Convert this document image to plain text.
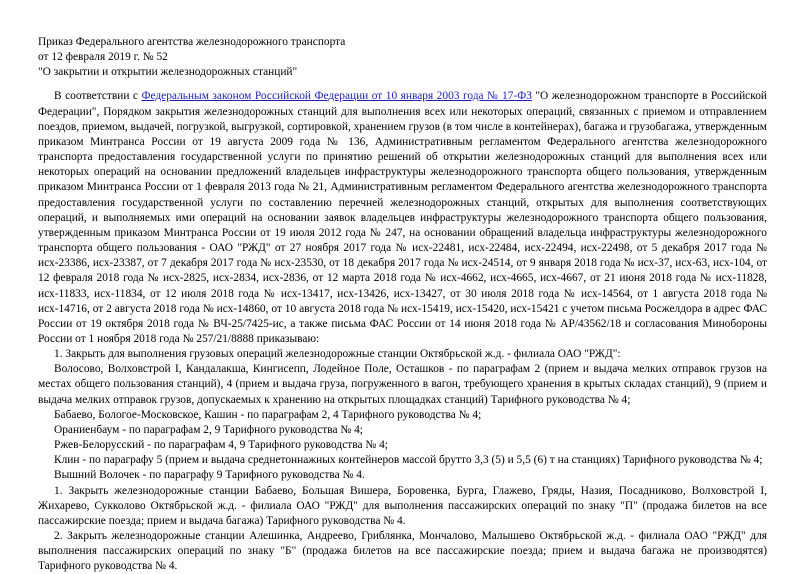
Приказ Федерального агентства железнодорожного транспорта
от 12 февраля 2019 г. № 52
"О закрытии и открытии железнодорожных станций"

В соответствии с Федеральным законом Российской Федерации от 10 января 2003 года № 17-ФЗ "О железнодорожном транспорте в Российской Федерации", Порядком закрытия железнодорожных станций для выполнения всех или некоторых операций, связанных с приемом и отправлением поездов, приемом, выдачей, погрузкой, выгрузкой, сортировкой, хранением грузов (в том числе в контейнерах), багажа и грузобагажа, утвержденным приказом Минтранса России от 19 августа 2009 года № 136, Административным регламентом Федерального агентства железнодорожного транспорта предоставления государственной услуги по принятию решений об открытии железнодорожных станций для выполнения всех или некоторых операций на основании предложений владельцев инфраструктуры железнодорожного транспорта общего пользования, утвержденным приказом Минтранса России от 1 февраля 2013 года № 21, Административным регламентом Федерального агентства железнодорожного транспорта предоставления государственной услуги по составлению перечней железнодорожных станций, открытых для выполнения соответствующих операций, и выполняемых ими операций на основании заявок владельцев инфраструктуры железнодорожного транспорта общего пользования, утвержденным приказом Минтранса России от 19 июля 2012 года № 247, на основании обращений владельца инфраструктуры железнодорожного транспорта общего пользования - ОАО "РЖД" от 27 ноября 2017 года № исх-22481, исх-22484, исх-22494, исх-22498, от 5 декабря 2017 года № исх-23386, исх-23387, от 7 декабря 2017 года № исх-23530, от 18 декабря 2017 года № исх-24514, от 9 января 2018 года № исх-37, исх-63, исх-104, от 12 февраля 2018 года № исх-2825, исх-2834, исх-2836, от 12 марта 2018 года № исх-4662, исх-4665, исх-4667, от 21 июня 2018 года № исх-11828, исх-11833, исх-11834, от 12 июля 2018 года № исх-13417, исх-13426, исх-13427, от 30 июля 2018 года № исх-14564, от 1 августа 2018 года № исх-14716, от 2 августа 2018 года № исх-14860, от 10 августа 2018 года № исх-15419, исх-15420, исх-15421 с учетом письма Росжелдора в адрес ФАС России от 19 октября 2018 года № ВЧ-25/7425-ис, а также письма ФАС России от 14 июня 2018 года № АР/43562/18 и согласования Минобороны России от 1 ноября 2018 года № 257/21/8888 приказываю:

1. Закрыть для выполнения грузовых операций железнодорожные станции Октябрьской ж.д. - филиала ОАО "РЖД":

Волосово, Волховстрой I, Кандалакша, Кингисепп, Лодейное Поле, Осташков - по параграфам 2 (прием и выдача мелких отправок грузов на местах общего пользования станций), 4 (прием и выдача груза, погруженного в вагон, требующего хранения в крытых складах станций), 9 (прием и выдача мелких отправок грузов, допускаемых к хранению на открытых площадках станций) Тарифного руководства № 4;

Бабаево, Бологое-Московское, Кашин - по параграфам 2, 4 Тарифного руководства № 4;

Ораниенбаум - по параграфам 2, 9 Тарифного руководства № 4;

Ржев-Белорусский - по параграфам 4, 9 Тарифного руководства № 4;

Клин - по параграфу 5 (прием и выдача среднетоннажных контейнеров массой брутто 3,3 (5) и 5,5 (6) т на станциях) Тарифного руководства № 4;

Вышний Волочек - по параграфу 9 Тарифного руководства № 4.

1. Закрыть железнодорожные станции Бабаево, Большая Вишера, Боровенка, Бурга, Глажево, Гряды, Назия, Посадниково, Волховстрой I, Жихарево, Сукколово Октябрьской ж.д. - филиала ОАО "РЖД" для выполнения пассажирских операций по знаку "П" (продажа билетов на все пассажирские поезда; прием и выдача багажа) Тарифного руководства № 4.

2. Закрыть железнодорожные станции Алешинка, Андреево, Гриблянка, Мончалово, Малышево Октябрьской ж.д. - филиала ОАО "РЖД" для выполнения пассажирских операций по знаку "Б" (продажа билетов на все пассажирские поезда; прием и выдача багажа не производятся) Тарифного руководства № 4.
